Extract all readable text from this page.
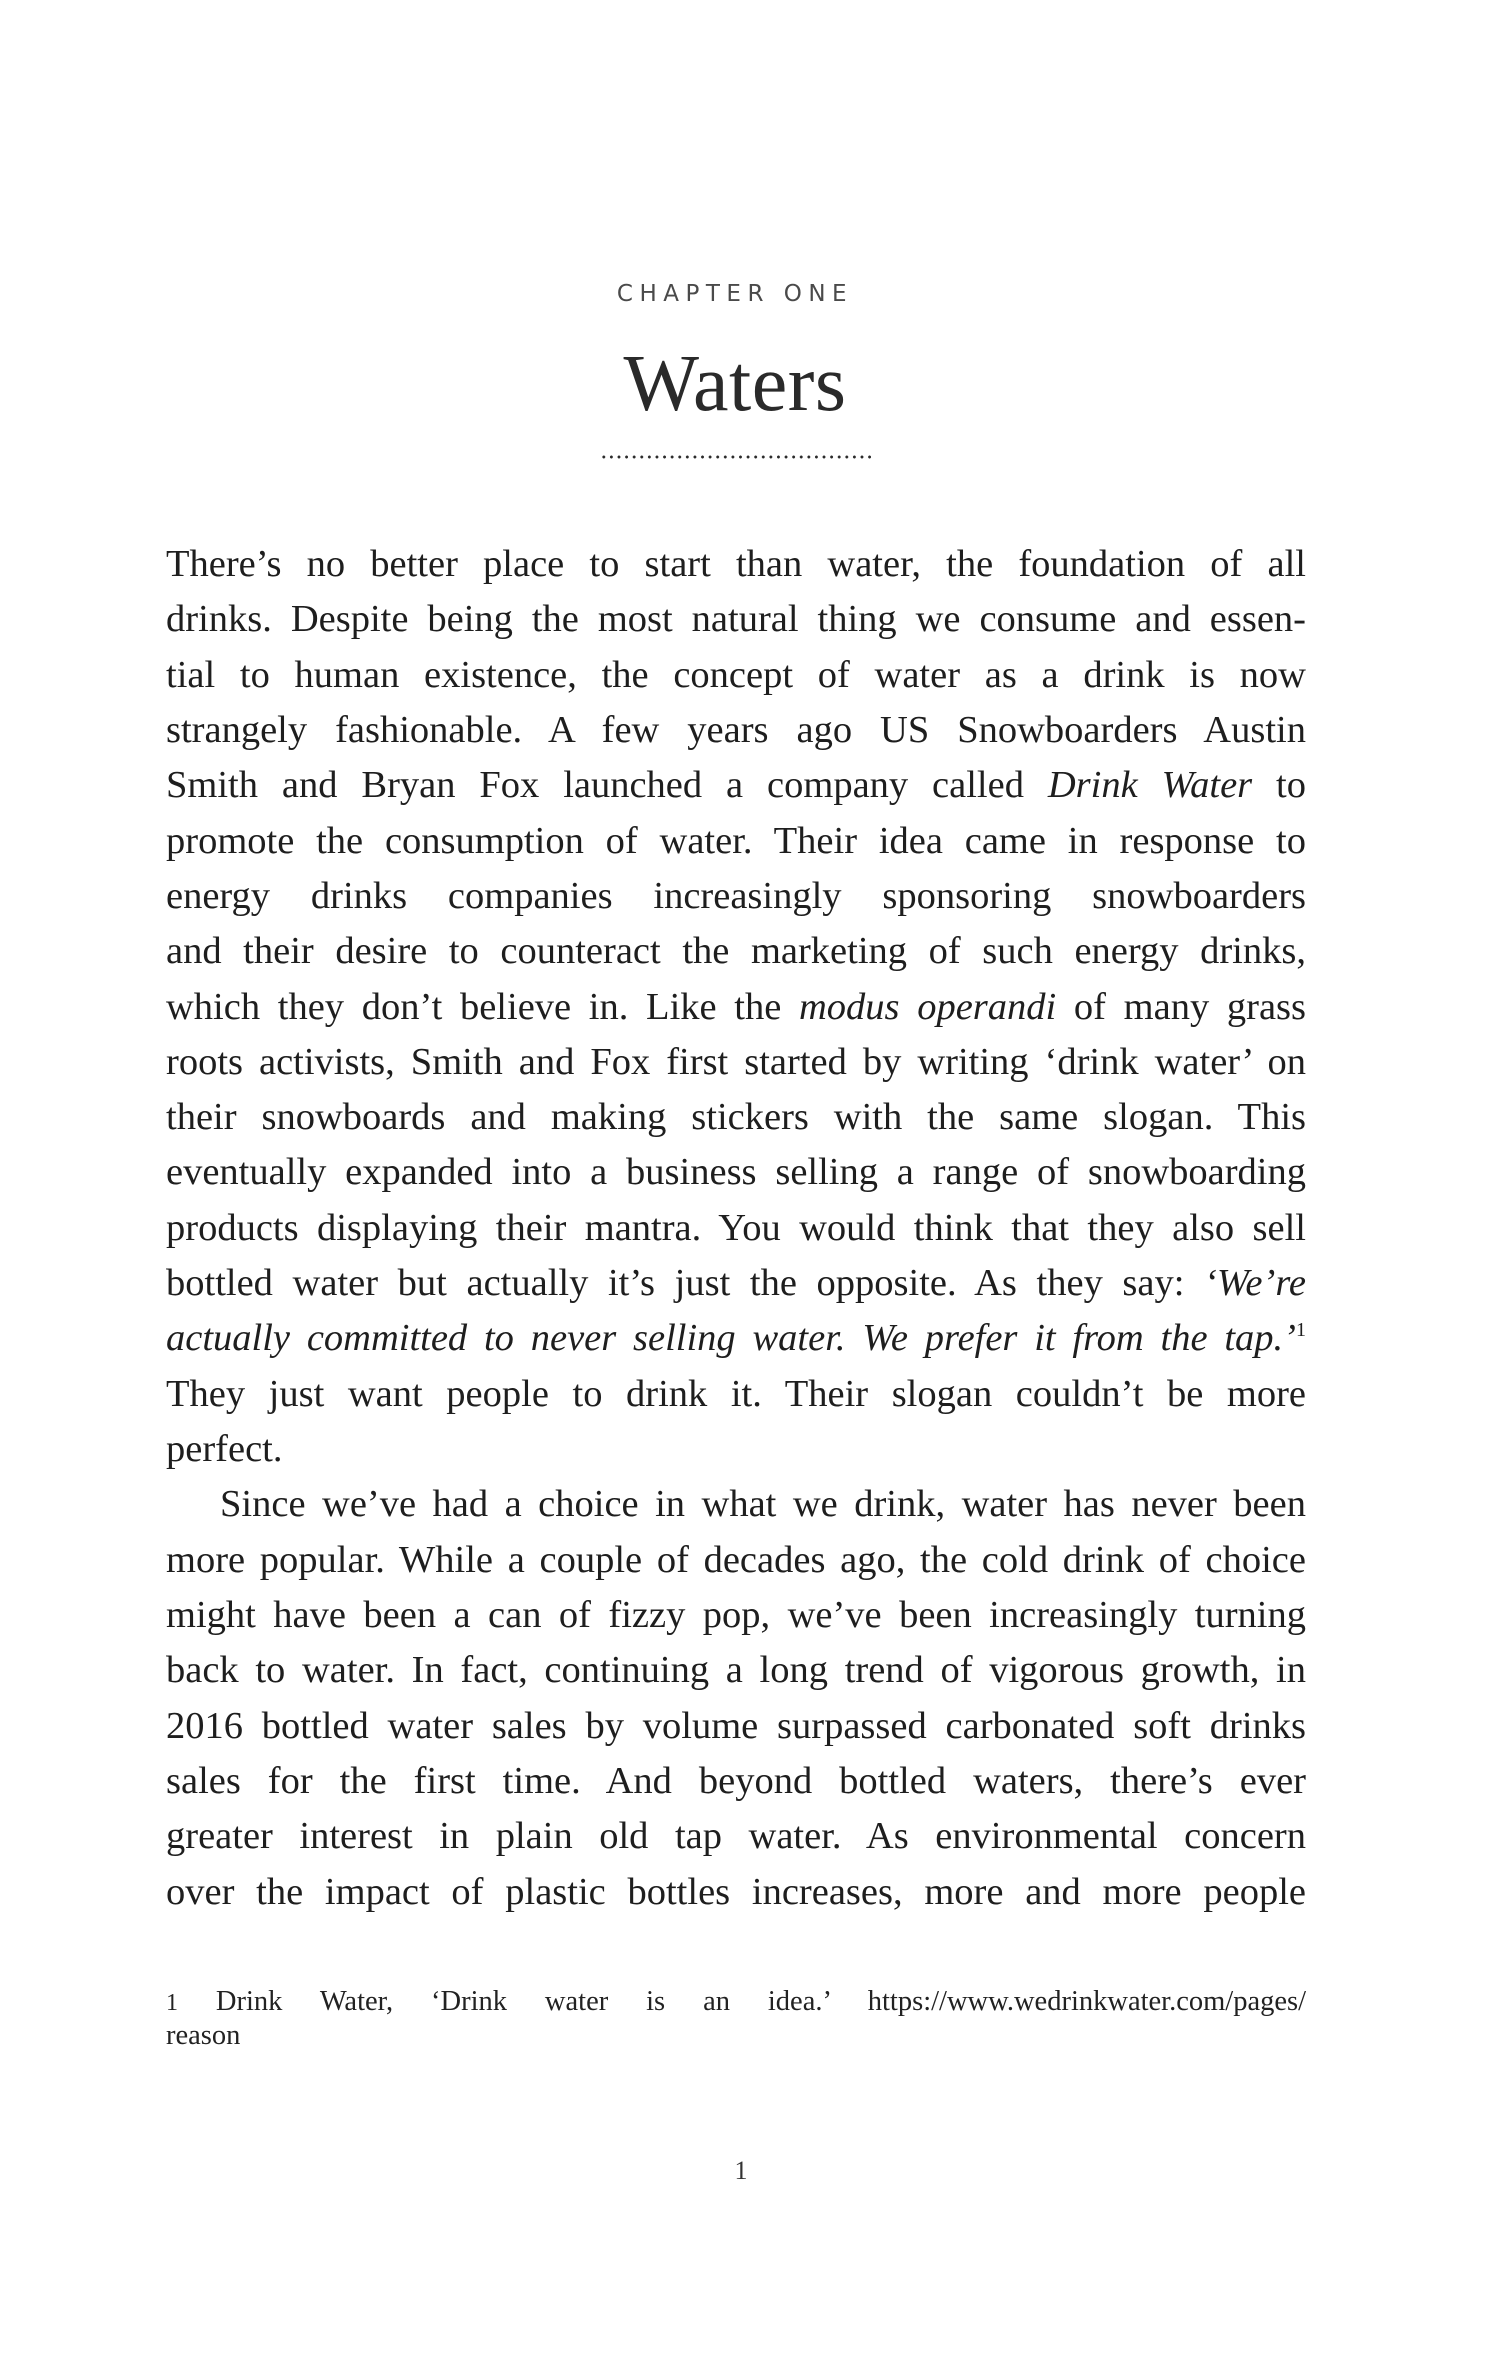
CHAPTER ONE
Waters
There’s no better place to start than water, the foundation of all
drinks. Despite being the most natural thing we consume and essen-
tial to human existence, the concept of water as a drink is now
strangely fashionable. A few years ago US Snowboarders Austin
Smith and Bryan Fox launched a company called Drink Water to
promote the consumption of water. Their idea came in response to
energy drinks companies increasingly sponsoring snowboarders
and their desire to counteract the marketing of such energy drinks,
which they don’t believe in. Like the modus operandi of many grass
roots activists, Smith and Fox first started by writing ‘drink water’ on
their snowboards and making stickers with the same slogan. This
eventually expanded into a business selling a range of snowboarding
products displaying their mantra. You would think that they also sell
bottled water but actually it’s just the opposite. As they say: ‘We’re
actually committed to never selling water. We prefer it from the tap.’$^1$
They just want people to drink it. Their slogan couldn’t be more
perfect.
Since we’ve had a choice in what we drink, water has never been
more popular. While a couple of decades ago, the cold drink of choice
might have been a can of fizzy pop, we’ve been increasingly turning
back to water. In fact, continuing a long trend of vigorous growth, in
2016 bottled water sales by volume surpassed carbonated soft drinks
sales for the first time. And beyond bottled waters, there’s ever
greater interest in plain old tap water. As environmental concern
over the impact of plastic bottles increases, more and more people
1 Drink Water, ‘Drink water is an idea.’ https://www.wedrinkwater.com/pages/
reason
1
